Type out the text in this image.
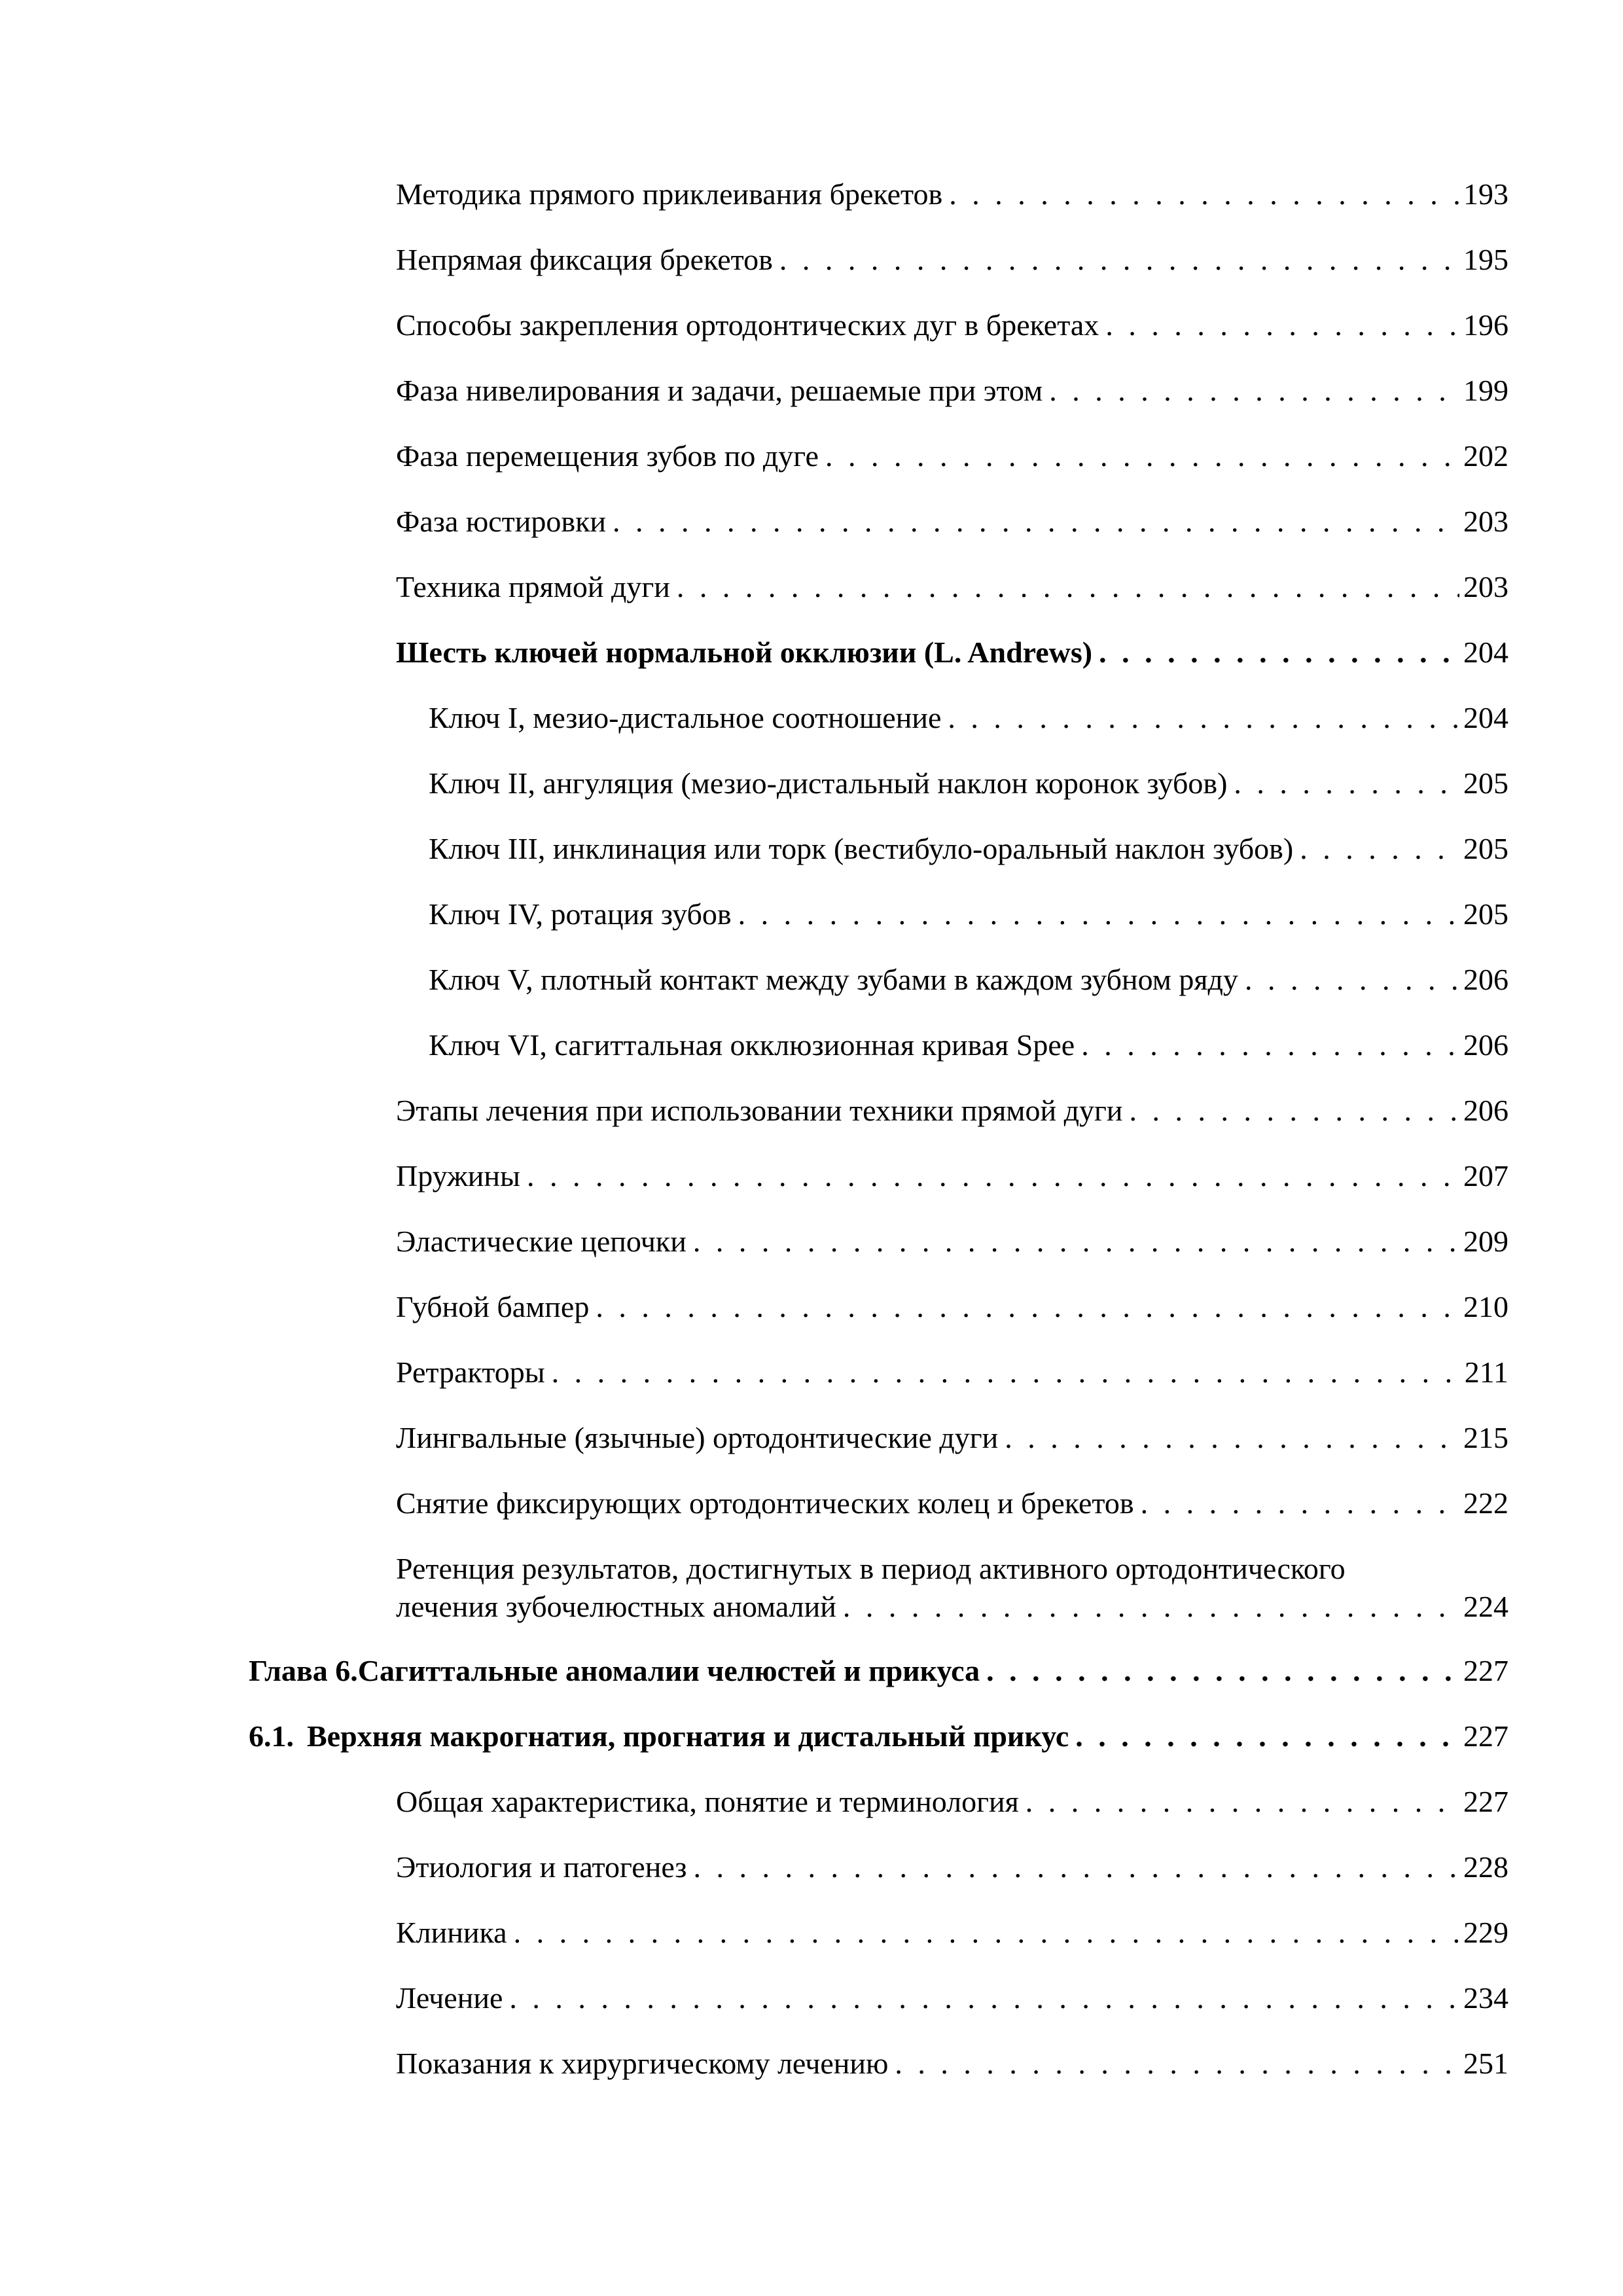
Методика прямого приклеивания брекетов . . .	193
Непрямая фиксация брекетов . . .	195
Способы закрепления ортодонтических дуг в брекетах . . .	196
Фаза нивелирования и задачи, решаемые при этом . . .	199
Фаза перемещения зубов по дуге . . .	202
Фаза юстировки . . .	203
Техника прямой дуги . . .	203
Шесть ключей нормальной окклюзии (L. Andrews) . . .	204
Ключ I, мезио-дистальное соотношение . . .	204
Ключ II, ангуляция (мезио-дистальный наклон коронок зубов) . . .	205
Ключ III, инклинация или торк (вестибуло-оральный наклон зубов) . . .	205
Ключ IV, ротация зубов . . .	205
Ключ V, плотный контакт между зубами в каждом зубном ряду . . .	206
Ключ VI, сагиттальная окклюзионная кривая Spee . . .	206
Этапы лечения при использовании техники прямой дуги . . .	206
Пружины . . .	207
Эластические цепочки . . .	209
Губной бампер . . .	210
Ретракторы . . .	211
Лингвальные (язычные) ортодонтические дуги . . .	215
Снятие фиксирующих ортодонтических колец и брекетов . . .	222
Ретенция результатов, достигнутых в период активного ортодонтического
лечения зубочелюстных аномалий . . .	224
Глава 6. Сагиттальные аномалии челюстей и прикуса . . .	227
6.1. Верхняя макрогнатия, прогнатия и дистальный прикус . . .	227
Общая характеристика, понятие и терминология . . .	227
Этиология и патогенез . . .	228
Клиника . . .	229
Лечение . . .	234
Показания к хирургическому лечению . . .	251
